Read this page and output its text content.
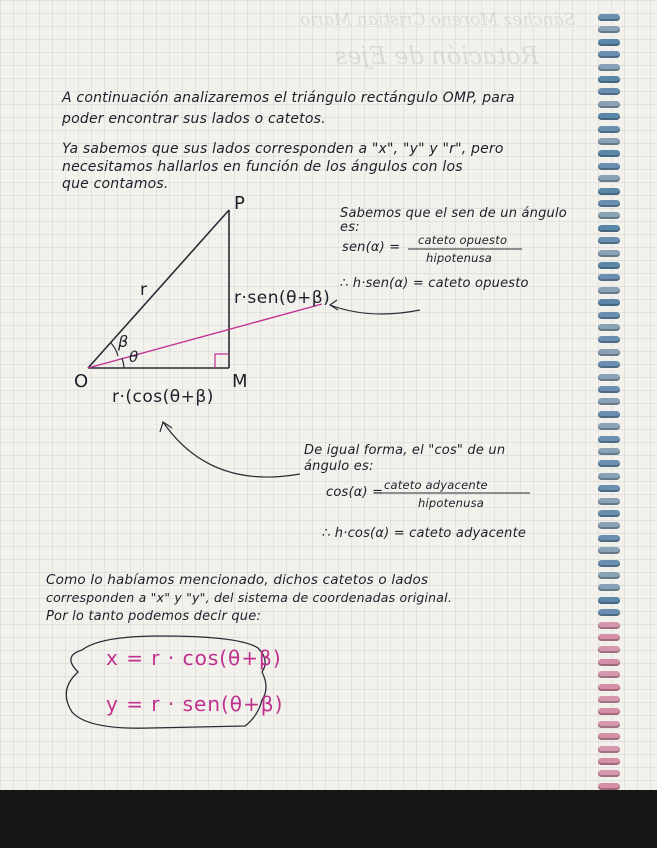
Sánchez Moreno Cristian Mario
Rotación de Ejes
A continuación analizaremos el triángulo rectángulo OMP, para
poder encontrar sus lados o catetos.
Ya sabemos que sus lados corresponden a "x", "y" y "r", pero
necesitamos hallarlos en función de los ángulos con los
que contamos.
P
O	M
r
β
θ
r·sen(θ+β)
r·(cos(θ+β)
Sabemos que el sen de un ángulo
es:
sen(α) = cateto opuesto
hipotenusa
∴ h·sen(α) = cateto opuesto
De igual forma, el "cos" de un
ángulo es:
cos(α) = cateto adyacente
hipotenusa
∴ h·cos(α) = cateto adyacente
Como lo habíamos mencionado, dichos catetos o lados
corresponden a "x" y "y", del sistema de coordenadas original.
Por lo tanto podemos decir que:
x = r · cos(θ+β)
y = r · sen(θ+β)
